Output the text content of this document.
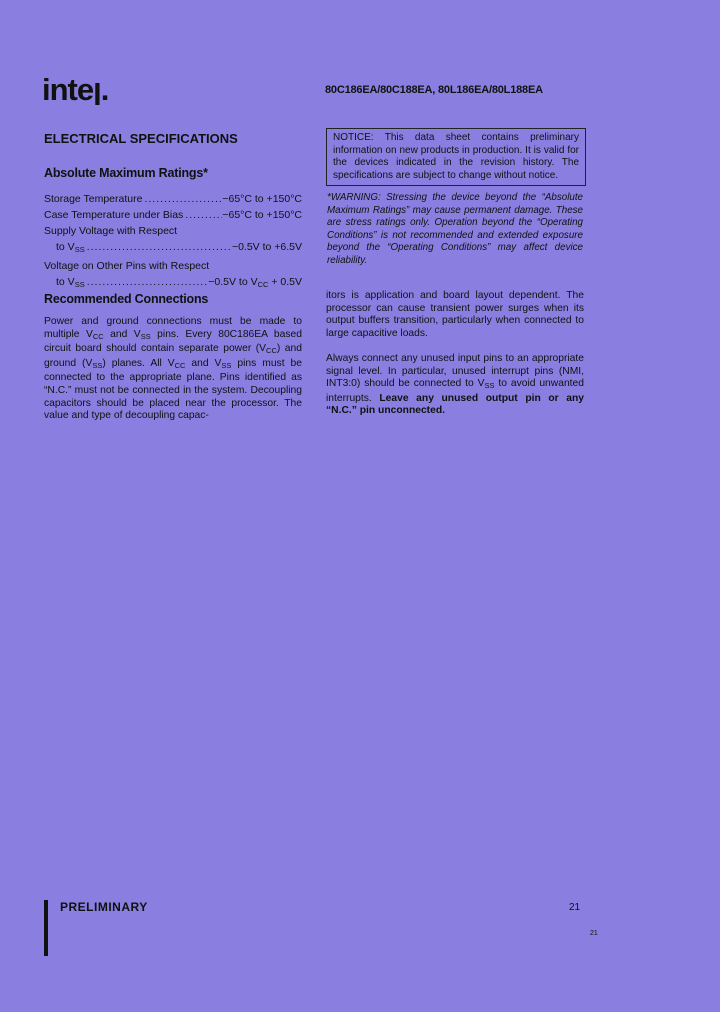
intel.	80C186EA/80C188EA, 80L186EA/80L188EA
ELECTRICAL SPECIFICATIONS
Absolute Maximum Ratings*
Storage Temperature .....	−65°C to +150°C
Case Temperature under Bias .....	−65°C to +150°C
Supply Voltage with Respect
to $V_{SS}$ .....	−0.5V to +6.5V
Voltage on Other Pins with Respect
to $V_{SS}$ .....	−0.5V to $V_{CC} + 0.5V$
NOTICE: This data sheet contains preliminary information on new products in production. It is valid for the devices indicated in the revision history. The specifications are subject to change without notice.
*WARNING: Stressing the device beyond the “Absolute Maximum Ratings” may cause permanent damage. These are stress ratings only. Operation beyond the “Operating Conditions” is not recommended and extended exposure beyond the “Operating Conditions” may affect device reliability.
Recommended Connections
Power and ground connections must be made to multiple $V_{CC}$ and $V_{SS}$ pins. Every 80C186EA based circuit board should contain separate power $(V_{CC})$ and ground $(V_{SS})$ planes. All $V_{CC}$ and $V_{SS}$ pins must be connected to the appropriate plane. Pins identified as “N.C.” must not be connected in the system. Decoupling capacitors should be placed near the processor. The value and type of decoupling capac-
itors is application and board layout dependent. The processor can cause transient power surges when its output buffers transition, particularly when connected to large capacitive loads.
Always connect any unused input pins to an appropriate signal level. In particular, unused interrupt pins (NMI, INT3:0) should be connected to $V_{SS}$ to avoid unwanted interrupts. Leave any unused output pin or any “N.C.” pin unconnected.
PRELIMINARY	21
21
